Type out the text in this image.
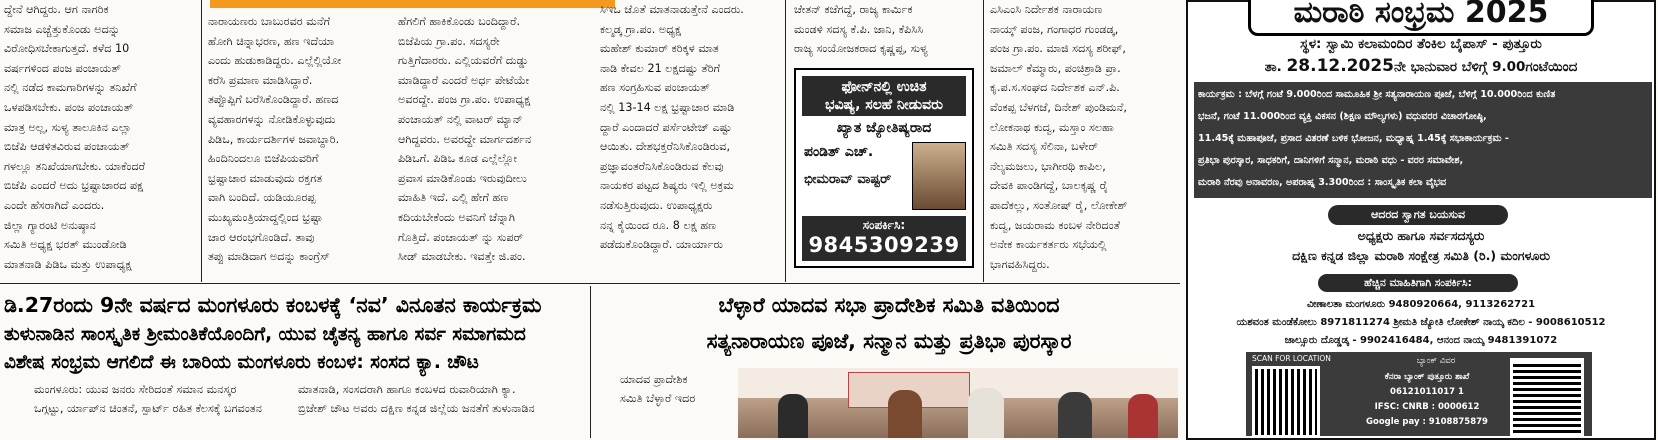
ದ್ದೇನೆ ಆಗಿದ್ದರು. ಆಗ ನಾಗರಿಕ

ಸಮಾಜ ಎಚ್ಚೆತ್ತುಕೊಂಡು ಅದನ್ನು

ವಿರೋಧಿಸಬೇಕಾಗುತ್ತದೆ. ಕಳೆದ 10

ವರ್ಷಗಳಿಂದ ಪಂಜ ಪಂಚಾಯತ್

ನಲ್ಲಿ ನಡೆದ ಕಾಮಗಾರಿಗಳನ್ನು ತನಿಖೆಗೆ

ಒಳಪಡಿಸಬೇಕು. ಪಂಜ ಪಂಚಾಯತ್

ಮಾತ್ರ ಅಲ್ಲ, ಸುಳ್ಯ ತಾಲೂಕಿನ ಎಲ್ಲಾ

ಬಿಜೆಪಿ ಆಡಳಿತವಿರುವ ಪಂಚಾಯತ್

ಗಳಲ್ಲೂ ತನಿಖೆಯಾಗಬೇಕು. ಯಾಕೆಂದರೆ

ಬಿಜೆಪಿ ಎಂದರೆ ಅದು ಭ್ರಷ್ಟಾಚಾರದ ಪಕ್ಷ

ಎಂದೇ ಹೆಸರಾಗಿದೆ ಎಂದರು.

ಜಿಲ್ಲಾ ಗ್ಯಾರಂಟಿ ಅನುಷ್ಠಾನ

ಸಮಿತಿ ಅಧ್ಯಕ್ಷ ಭರತ್ ಮುಂಡೋಡಿ

ಮಾತನಾಡಿ ಪಿಡಿಒ ಮತ್ತು ಉಪಾಧ್ಯಕ್ಷ

ನಾರಾಯಣರು ಬಾಬುರವರ ಮನೆಗೆ

ಹೋಗಿ ಚಿನ್ನಾಭರಣ, ಹಣ ಇದೆಯಾ

ಎಂದು ಹುಡುಕಾಡಿದ್ದರು. ಎಲ್ಲೆಲ್ಲಿಯೋ

ಕರೆಸಿ ಪ್ರಮಾಣ ಮಾಡಿಸಿದ್ದಾರೆ.

ತಪ್ಪೊಪ್ಪಿಗೆ ಬರೆಸಿಕೊಂಡಿದ್ದಾರೆ. ಹಣದ

ವ್ಯವಹಾರಗಳನ್ನು ನೋಡಿಕೊಳ್ಳುವುದು

ಪಿಡಿಒ, ಕಾರ್ಯದರ್ಶಿಗಳ ಜವಾಬ್ದಾರಿ.

ಹಿಂದಿನಿಂದಲೂ ಬಿಜೆಪಿಯವರಿಗೆ

ಭ್ರಷ್ಟಾಚಾರ ಮಾಡುವುದು ರಕ್ತಗತ

ವಾಗಿ ಬಂದಿದೆ. ಯಡಿಯೂರಪ್ಪ

ಮುಖ್ಯಮಂತ್ರಿಯಾದ್ದಲ್ಲಿಂದ ಭ್ರಷ್ಟಾ

ಚಾರ ಆರಂಭಗೊಂಡಿದೆ. ತಾವು

ತಪ್ಪು ಮಾಡಿದಾಗ ಅದನ್ನು ಕಾಂಗ್ರೆಸ್

ಹೆಗಲಿಗೆ ಹಾಕಿಕೊಂಡು ಬಂದಿದ್ದಾರೆ.

ಬಿಜೆಪಿಯ ಗ್ರಾ.ಪಂ. ಸದಸ್ಯರೇ

ಗುತ್ತಿಗೆದಾರರು. ಎಲ್ಲಿಯವರೆಗೆ ದುಡ್ಡು

ಮಾಡಿದ್ದಾರೆ ಎಂದರೆ ಅರ್ಧ ಪೇಟೆಯೇ

ಅವರದ್ದೇ. ಪಂಜ ಗ್ರಾ.ಪಂ. ಉಪಾಧ್ಯಕ್ಷ

ಪಂಚಾಯತ್ ನಲ್ಲಿ ವಾಟರ್ ಮ್ಯಾನ್

ಆಗಿದ್ದವರು. ಅವರದ್ದೇ ಮಾರ್ಗದರ್ಶನ

ಪಿಡಿಒಗೆ. ಪಿಡಿಒ ಕೂಡ ಎಲ್ಲೆಲ್ಲೋ

ಪ್ರವಾಸ ಮಾಡಿಕೊಂಡು ಇರುವುದೀಲು

ಮಾಹಿತಿ ಇದೆ. ಎಲ್ಲಿ ಹೇಗೆ ಹಣ

ಕದಿಯಬೇಕೆಂದು ಅವನಿಗೆ ಚೆನ್ನಾಗಿ

ಗೊತ್ತಿದೆ. ಪಂಚಾಯತ್ ನ್ನು ಸುಪರ್

ಸೀಡ್ ಮಾಡಬೇಕು. ಇವತ್ತೇ ಜಿ.ಪಂ.

ಸಿಇಒ ಜೊತೆ ಮಾತನಾಡುತ್ತೇನೆ ಎಂದರು.

ಕಲ್ಮಡ್ಕ ಗ್ರಾ.ಪಂ. ಅಧ್ಯಕ್ಷ

ಮಹೇಶ್ ಕುಮಾರ್ ಕರಿಕ್ಕಳ ಮಾತ

ನಾಡಿ ಕೇವಲ 21 ಲಕ್ಷದಷ್ಟು ತೆರಿಗೆ

ಹಣ ಸಂಗ್ರಹಿಸುವ ಪಂಚಾಯತ್

ನಲ್ಲಿ 13-14 ಲಕ್ಷ ಭ್ರಷ್ಟಾಚಾರ ಮಾಡಿ

ದ್ದಾರೆ ಎಂದಾದರೆ ಪರ್ಸೆಂಟೇಜ್ ಎಷ್ಟು

ಆಯಿತು. ದೇಶಭಕ್ತರೆನಿಸಿಕೊಂಡಿರುವ,

ಪ್ರಜ್ಞಾವಂತರೆನಿಸಿಕೊಂಡಿರುವ ಕೆಲವು

ನಾಯಕರ ಪಟ್ಟದ ಶಿಷ್ಯರು ಇಲ್ಲಿ ಅಕ್ರಮ

ನಡೆಸುತ್ತಿರುವುದು. ಉಪಾಧ್ಯಕ್ಷರು

ನನ್ನ ಕೈಯಿಂದ ರೂ. 8 ಲಕ್ಷ ಹಣ

ಪಡೆದುಕೊಂಡಿದ್ದಾರೆ. ಯಾರ್ಯಾರು

ಚೇತನ್ ಕಜೆಗದ್ದೆ, ರಾಜ್ಯ ಕಾರ್ಮಿಕ

ಮಂಡಳಿ ಸದಸ್ಯ ಕೆ.ಪಿ. ಜಾನಿ, ಕೆಪಿಸಿಸಿ

ರಾಜ್ಯ ಸಂಯೋಜಕರಾದ ಕೃಷ್ಣಪ್ಪ, ಸುಳ್ಯ

ಫೋನ್‌ನಲ್ಲಿ ಉಚಿತ
ಭವಿಷ್ಯ, ಸಲಹೆ ನೀಡುವರು
ಖ್ಯಾತ ಜ್ಯೋತಿಷ್ಯರಾದ
ಪಂಡಿತ್ ಎಚ್.
ಭೀಮರಾವ್ ವಾಷ್ಟರ್
ಸಂಪರ್ಕಿಸಿ:
9845309239

ಎಸಿಎಂಸಿ ನಿರ್ದೇಶಕ ನಾರಾಯಣ

ನಾಯ್ಕ್ ಪಂಜ, ಗಂಗಾಧರ ಗುಂಡಡ್ಕ,

ಪಂಜ ಗ್ರಾ.ಪಂ. ಮಾಜಿ ಸದಸ್ಯ ಶರೀಫ್,

ಜಮಾಲ್ ಕೆಮ್ಮಾರು, ಪಂಚಿಶ್ರಾಡಿ ಪ್ರಾ.

ಕೃ.ಪ.ಸ.ಸಂಘದ ನಿರ್ದೇಶಕ ಎನ್.ಪಿ.

ವೆಂಕಪ್ಪ ಬೆಳಗಜೆ, ದಿನೇಶ್ ಪುಂಡಿಮನೆ,

ಲೋಕನಾಥ ಕುದ್ವ, ಮಸ್ತಾಂ ಸಲಹಾ

ಸಮಿತಿ ಸದಸ್ಯ ಸೆಲಿನಾ, ಬಳೇರ್

ನೆಲ್ಯಮಜಲು, ಭಾಗೀರಥಿ ಕಾಪಿಲ,

ದೇವಕಿ ಪಾಂಡಿಗದ್ದೆ, ಬಾಲಕೃಷ್ಣ ರೈ

ಪಾದೆಕಲ್ಲು, ಸಂತೋಷ್ ರೈ, ಲೋಕೇಶ್

ಕುದ್ವ, ಜಯರಾಮ ಕಂಬಳ ನೇರಿದಂತೆ

ಅನೇಕ ಕಾರ್ಯಕರ್ತರು ಸಭೆಯಲ್ಲಿ

ಭಾಗವಹಿಸಿದ್ದರು.

ಡಿ.27ರಂದು 9ನೇ ವರ್ಷದ ಮಂಗಳೂರು ಕಂಬಳಕ್ಕೆ ‘ನವ’ ವಿನೂತನ ಕಾರ್ಯಕ್ರಮ
ತುಳುನಾಡಿನ ಸಾಂಸ್ಕೃತಿಕ ಶ್ರೀಮಂತಿಕೆಯೊಂದಿಗೆ, ಯುವ ಚೈತನ್ಯ ಹಾಗೂ ಸರ್ವ ಸಮಾಗಮದ
ವಿಶೇಷ ಸಂಭ್ರಮ ಆಗಲಿದೆ ಈ ಬಾರಿಯ ಮಂಗಳೂರು ಕಂಬಳ: ಸಂಸದ ಕ್ಯಾ. ಚೌಟ

ಮಂಗಳೂರು: ಯುವ ಜನರು ಸೇರಿದಂತೆ ಸಮಾನ ಮನಸ್ಕರ

ಒಗ್ಗಟ್ಟು, ರ್ಯಾಪ್‌ನ ಚಿಂತನೆ, ಸ್ಪಾರ್ಟ್ ರಹಿತ ಕೆಲಸಕ್ಕೆ ಬಗವಂತನ

ಮಾತನಾಡಿ, ಸಂಸದರಾಗಿ ಹಾಗೂ ಕಂಬಳದ ರುವಾರಿಯಾಗಿ ಕ್ಯಾ.

ಬ್ರಿಜೇಶ್ ಚೌಟ ಅವರು ದಕ್ಷಿಣ ಕನ್ನಡ ಜಿಲ್ಲೆಯ ಜನತೆಗೆ ತುಳುನಾಡಿನ

ಬೆಳ್ಳಾರೆ ಯಾದವ ಸಭಾ ಪ್ರಾದೇಶಿಕ ಸಮಿತಿ ವತಿಯಿಂದ
ಸತ್ಯನಾರಾಯಣ ಪೂಜೆ, ಸನ್ಮಾನ ಮತ್ತು ಪ್ರತಿಭಾ ಪುರಸ್ಕಾರ

ಯಾದವ ಪ್ರಾದೇಶಿಕ

ಸಮಿತಿ ಬೆಳ್ಳಾರೆ ಇದರ

ಮರಾಠಿ ಸಂಭ್ರಮ 2025
ಸ್ಥಳ: ಸ್ವಾಮಿ ಕಲಾಮಂದಿರ ತೆಂಕಿಲ ಬೈಪಾಸ್ - ಪುತ್ತೂರು
ತಾ. 28.12.2025ನೇ ಭಾನುವಾರ ಬೆಳಿಗ್ಗೆ 9.00ಗಂಟೆಯಿಂದ
ಕಾರ್ಯಕ್ರಮ : ಬೆಳಗ್ಗೆ ಗಂಟೆ 9.000ರಿಂದ ಸಾಮೂಹಿಕ ಶ್ರೀ ಸತ್ಯನಾರಾಯಣ ಪೂಜೆ, ಬೆಳಿಗ್ಗೆ 10.000ರಿಂದ ಕುಣಿತ
ಭಜನೆ, ಗಂಟೆ 11.000ರಿಂದ ವ್ಯಕ್ತಿ ವಿಕಸನ (ಶಿಕ್ಷಣ ಮೌಲ್ಯಗಳು) ವಧುವರರ ವಿಚಾರಗೋಷ್ಠಿ,
11.45ಕ್ಕೆ ಮಹಾಪೂಜೆ, ಪ್ರಸಾದ ವಿತರಣೆ ಬಳಿಕ ಭೋಜನ, ಮಧ್ಯಾಹ್ನ 1.45ಕ್ಕೆ ಸಭಾಕಾರ್ಯಕ್ರಮ -
ಪ್ರತಿಭಾ ಪುರಸ್ಕಾರ, ಸಾಧಕರಿಗೆ, ದಾನಿಗಳಿಗೆ ಸನ್ಮಾನ, ಮರಾಠಿ ವಧು - ವರರ ಸಮಾವೇಶ,
ಮರಾಠಿ ನೆರವು ಅನಾವರಣ, ಅಪರಾಹ್ನ 3.300ರಿಂದ : ಸಾಂಸ್ಕೃತಿಕ ಕಲಾ ವೈಭವ
ಆದರದ ಸ್ವಾಗತ ಬಯಸುವ
ಅಧ್ಯಕ್ಷರು ಹಾಗೂ ಸರ್ವಸದಸ್ಯರು
ದಕ್ಷಿಣ ಕನ್ನಡ ಜಿಲ್ಲಾ ಮರಾಠಿ ಸಂಕ್ಷೇತ್ರ ಸಮಿತಿ (ರಿ.) ಮಂಗಳೂರು
ಹೆಚ್ಚಿನ ಮಾಹಿತಿಗಾಗಿ ಸಂಪರ್ಕಿಸಿ:
ವೀಣಾಲತಾ ಮಂಗಳೂರು 9480920664, 9113262721
ಯಶವಂತ ಮಂಡೆಕೋಲು 8971811274 ಶ್ರೀಮತಿ ಜ್ಯೋತಿ ಲೋಕೇಶ್ ನಾಯ್ಕ ಕದಿಲ - 9008610512
ಜಾಲ್ಸೂರು ದೊಡ್ಡಡ್ಕ - 9902416484, ಆನಂದ ನಾಯ್ಕ 9481391072
SCAN FOR LOCATION	ಬ್ಯಾಂಕ್ ವಿವರ
ಕೆನರಾ ಬ್ಯಾಂಕ್ ಪುತ್ತೂರು ಶಾಖೆ
06121011017 1
IFSC: CNRB : 0000612
Google pay : 9108875879
